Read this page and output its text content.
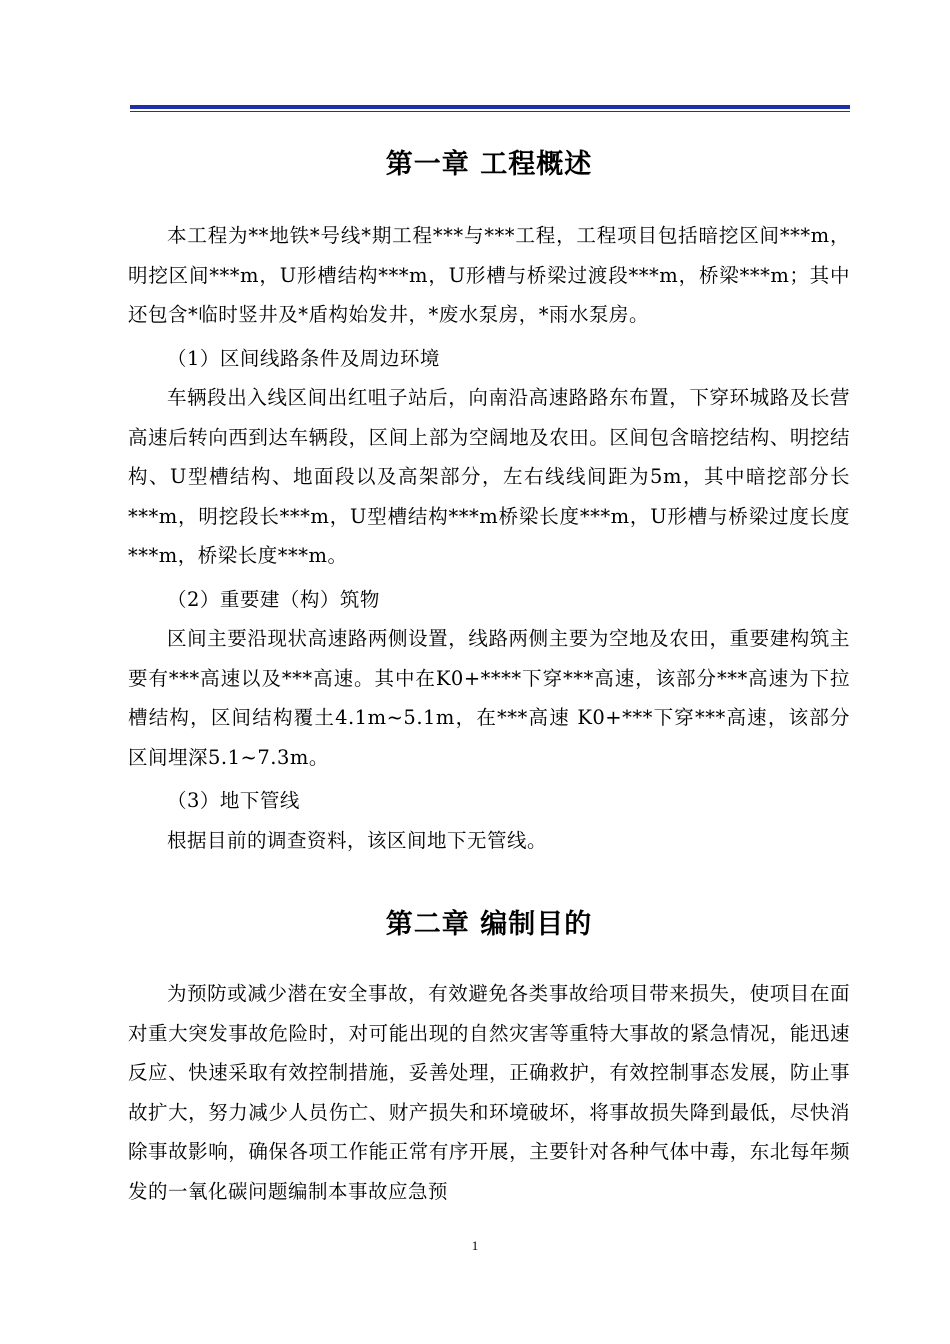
第一章 工程概述

本工程为**地铁*号线*期工程***与***工程，工程项目包括暗挖区间***m，明挖区间***m，U形槽结构***m，U形槽与桥梁过渡段***m，桥梁***m；其中还包含*临时竖井及*盾构始发井，*废水泵房，*雨水泵房。

（1）区间线路条件及周边环境

车辆段出入线区间出红咀子站后，向南沿高速路路东布置，下穿环城路及长营高速后转向西到达车辆段，区间上部为空阔地及农田。区间包含暗挖结构、明挖结构、U型槽结构、地面段以及高架部分，左右线线间距为5m，其中暗挖部分长***m，明挖段长***m，U型槽结构***m桥梁长度***m，U形槽与桥梁过度长度***m，桥梁长度***m。

（2）重要建（构）筑物

区间主要沿现状高速路两侧设置，线路两侧主要为空地及农田，重要建构筑主要有***高速以及***高速。其中在K0+****下穿***高速，该部分***高速为下拉槽结构，区间结构覆土4.1m~5.1m，在***高速 K0+***下穿***高速，该部分区间埋深5.1~7.3m。

（3）地下管线

根据目前的调查资料，该区间地下无管线。

第二章 编制目的

为预防或减少潜在安全事故，有效避免各类事故给项目带来损失，使项目在面对重大突发事故危险时，对可能出现的自然灾害等重特大事故的紧急情况，能迅速反应、快速采取有效控制措施，妥善处理，正确救护，有效控制事态发展，防止事故扩大，努力减少人员伤亡、财产损失和环境破坏，将事故损失降到最低，尽快消除事故影响，确保各项工作能正常有序开展，主要针对各种气体中毒，东北每年频发的一氧化碳问题编制本事故应急预

1
